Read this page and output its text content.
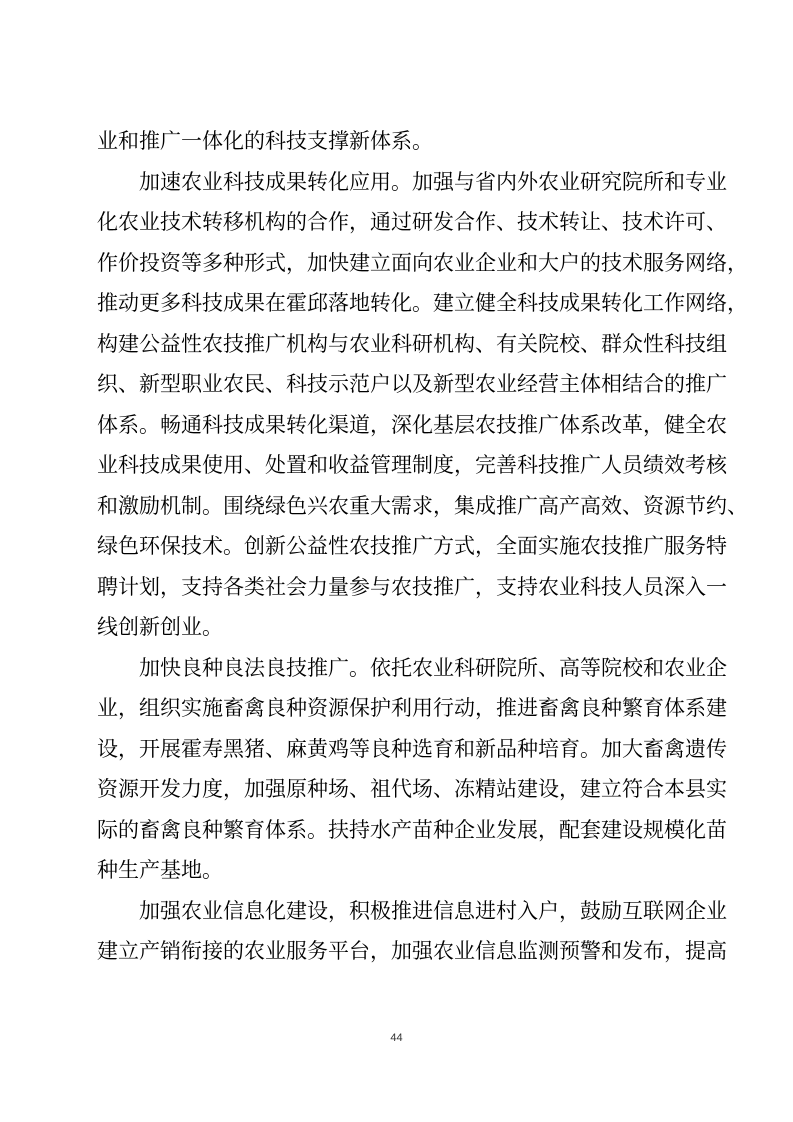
业和推广一体化的科技支撑新体系。
加速农业科技成果转化应用。加强与省内外农业研究院所和专业
化农业技术转移机构的合作，通过研发合作、技术转让、技术许可、
作价投资等多种形式，加快建立面向农业企业和大户的技术服务网络，
推动更多科技成果在霍邱落地转化。建立健全科技成果转化工作网络，
构建公益性农技推广机构与农业科研机构、有关院校、群众性科技组
织、新型职业农民、科技示范户以及新型农业经营主体相结合的推广
体系。畅通科技成果转化渠道，深化基层农技推广体系改革，健全农
业科技成果使用、处置和收益管理制度，完善科技推广人员绩效考核
和激励机制。围绕绿色兴农重大需求，集成推广高产高效、资源节约、
绿色环保技术。创新公益性农技推广方式，全面实施农技推广服务特
聘计划，支持各类社会力量参与农技推广，支持农业科技人员深入一
线创新创业。
加快良种良法良技推广。依托农业科研院所、高等院校和农业企
业，组织实施畜禽良种资源保护利用行动，推进畜禽良种繁育体系建
设，开展霍寿黑猪、麻黄鸡等良种选育和新品种培育。加大畜禽遗传
资源开发力度，加强原种场、祖代场、冻精站建设，建立符合本县实
际的畜禽良种繁育体系。扶持水产苗种企业发展，配套建设规模化苗
种生产基地。
加强农业信息化建设，积极推进信息进村入户，鼓励互联网企业
建立产销衔接的农业服务平台，加强农业信息监测预警和发布，提高
44
